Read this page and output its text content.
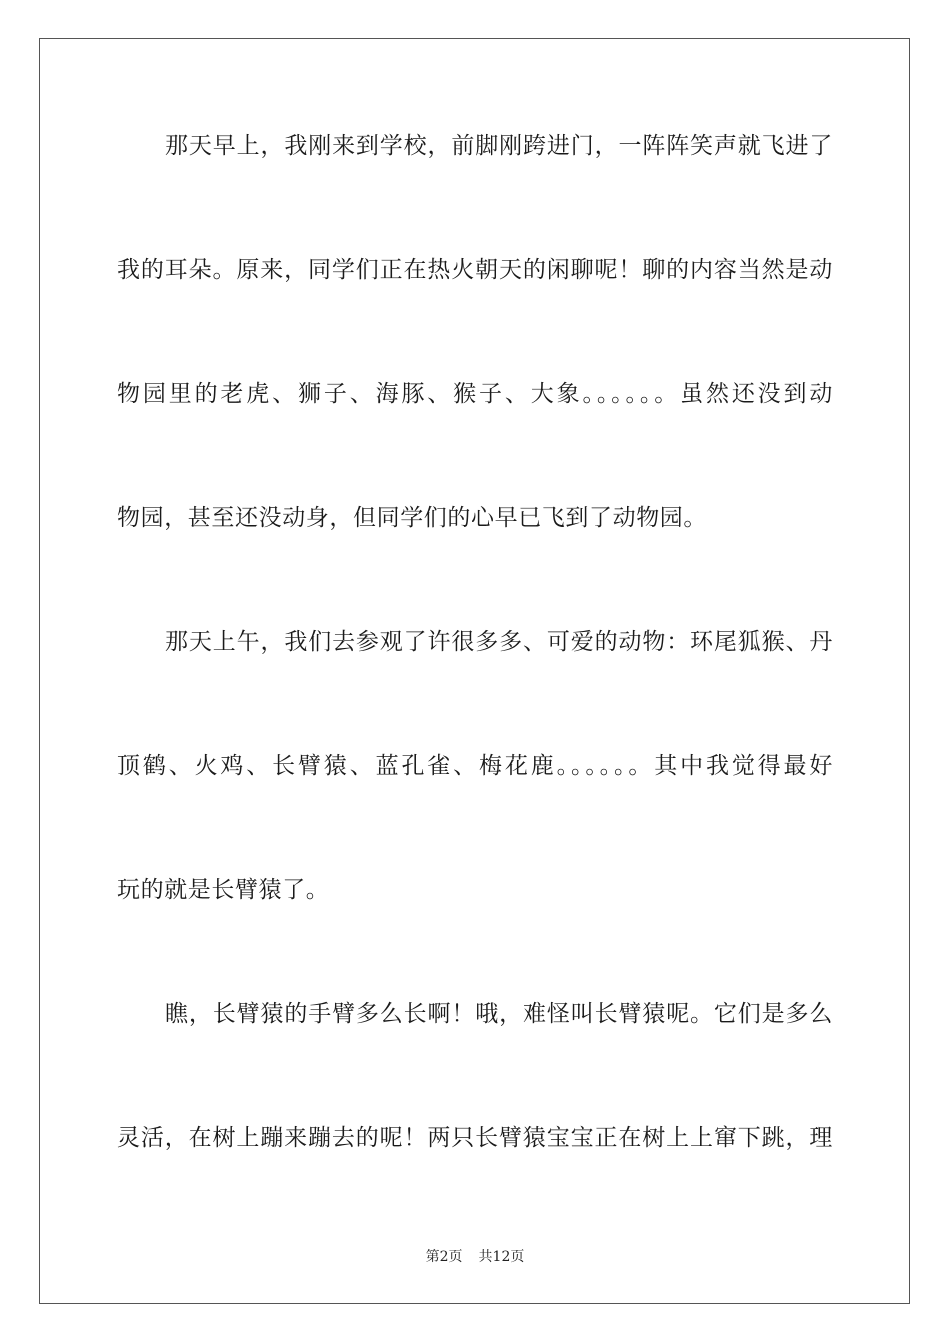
那天早上，我刚来到学校，前脚刚跨进门，一阵阵笑声就飞进了
我的耳朵。原来，同学们正在热火朝天的闲聊呢！聊的内容当然是动
物园里的老虎、狮子、海豚、猴子、大象。。。。。。虽然还没到动
物园，甚至还没动身，但同学们的心早已飞到了动物园。
那天上午，我们去参观了许很多多、可爱的动物：环尾狐猴、丹
顶鹤、火鸡、长臂猿、蓝孔雀、梅花鹿。。。。。。其中我觉得最好
玩的就是长臂猿了。
瞧，长臂猿的手臂多么长啊！哦，难怪叫长臂猿呢。它们是多么
灵活，在树上蹦来蹦去的呢！两只长臂猿宝宝正在树上上窜下跳，理
第2页 共12页
